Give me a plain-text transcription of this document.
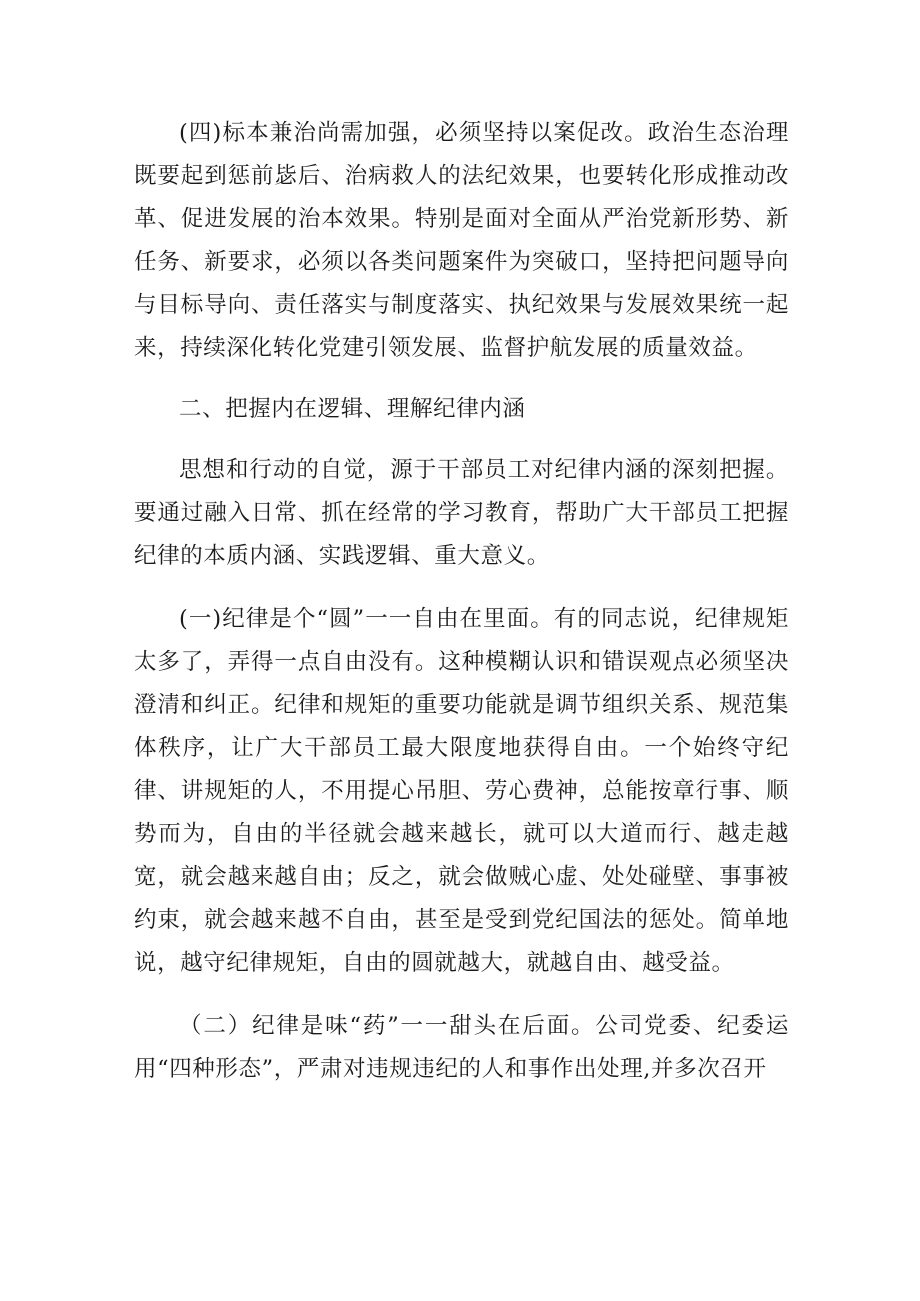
(四)标本兼治尚需加强，必须坚持以案促改。政治生态治理既要起到惩前毖后、治病救人的法纪效果，也要转化形成推动改革、促进发展的治本效果。特别是面对全面从严治党新形势、新任务、新要求，必须以各类问题案件为突破口，坚持把问题导向与目标导向、责任落实与制度落实、执纪效果与发展效果统一起来，持续深化转化党建引领发展、监督护航发展的质量效益。

二、把握内在逻辑、理解纪律内涵

思想和行动的自觉，源于干部员工对纪律内涵的深刻把握。要通过融入日常、抓在经常的学习教育，帮助广大干部员工把握纪律的本质内涵、实践逻辑、重大意义。

(一)纪律是个“圆”一一自由在里面。有的同志说，纪律规矩太多了，弄得一点自由没有。这种模糊认识和错误观点必须坚决澄清和纠正。纪律和规矩的重要功能就是调节组织关系、规范集体秩序，让广大干部员工最大限度地获得自由。一个始终守纪律、讲规矩的人，不用提心吊胆、劳心费神，总能按章行事、顺势而为，自由的半径就会越来越长，就可以大道而行、越走越宽，就会越来越自由；反之，就会做贼心虚、处处碰壁、事事被约束，就会越来越不自由，甚至是受到党纪国法的惩处。简单地说，越守纪律规矩，自由的圆就越大，就越自由、越受益。

（二）纪律是味“药”一一甜头在后面。公司党委、纪委运用“四种形态”，严肃对违规违纪的人和事作出处理,并多次召开
